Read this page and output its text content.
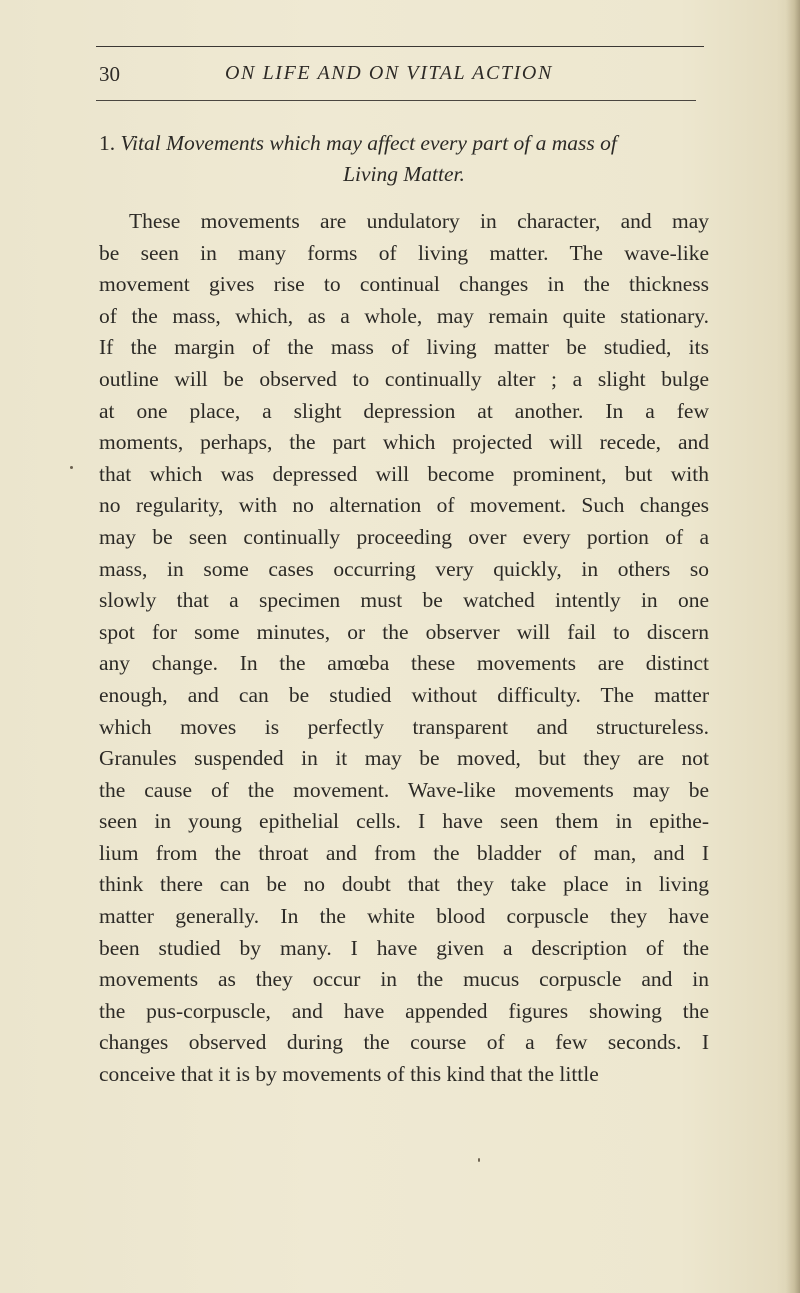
30	ON LIFE AND ON VITAL ACTION
1. Vital Movements which may affect every part of a mass of
Living Matter.
These movements are undulatory in character, and may
be seen in many forms of living matter. The wave-like
movement gives rise to continual changes in the thickness
of the mass, which, as a whole, may remain quite stationary.
If the margin of the mass of living matter be studied, its
outline will be observed to continually alter ; a slight bulge
at one place, a slight depression at another. In a few
moments, perhaps, the part which projected will recede, and
that which was depressed will become prominent, but with
no regularity, with no alternation of movement. Such changes
may be seen continually proceeding over every portion of a
mass, in some cases occurring very quickly, in others so
slowly that a specimen must be watched intently in one
spot for some minutes, or the observer will fail to discern
any change. In the amœba these movements are distinct
enough, and can be studied without difficulty. The matter
which moves is perfectly transparent and structureless.
Granules suspended in it may be moved, but they are not
the cause of the movement. Wave-like movements may be
seen in young epithelial cells. I have seen them in epithe-
lium from the throat and from the bladder of man, and I
think there can be no doubt that they take place in living
matter generally. In the white blood corpuscle they have
been studied by many. I have given a description of the
movements as they occur in the mucus corpuscle and in
the pus-corpuscle, and have appended figures showing the
changes observed during the course of a few seconds. I
conceive that it is by movements of this kind that the little
